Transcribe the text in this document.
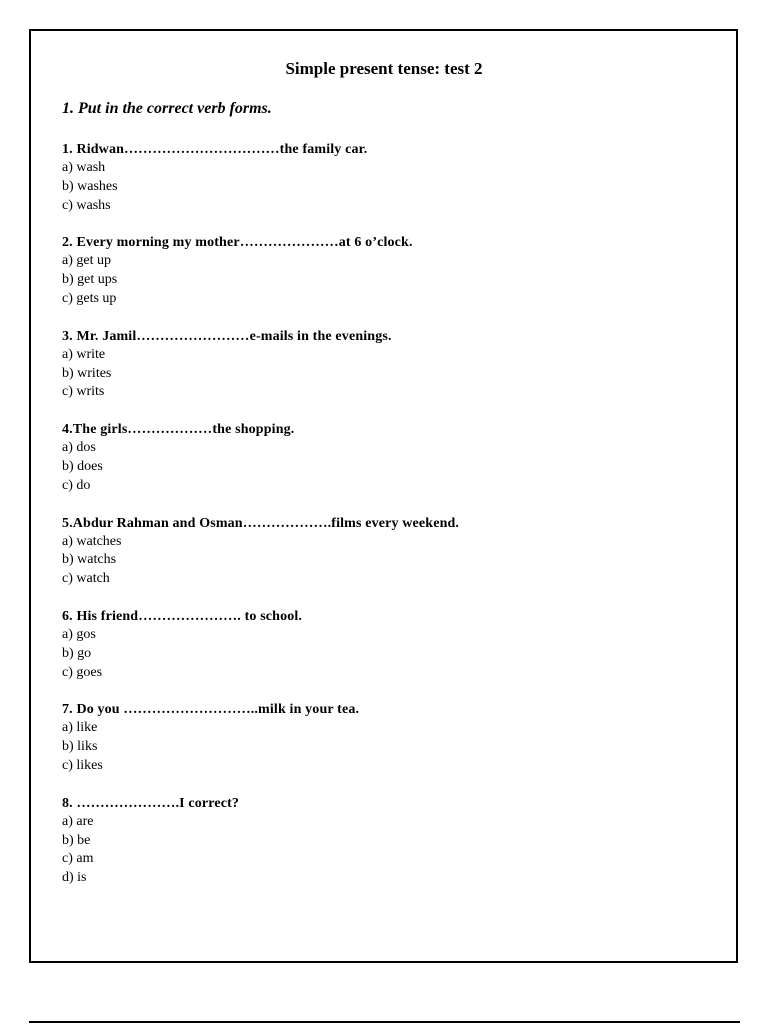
Simple present tense: test 2
1. Put in the correct verb forms.
1. Ridwan……………………………the family car.
a) wash
b) washes
c) washs
2. Every morning my mother…………………at 6 o’clock.
a) get up
b) get ups
c) gets up
3. Mr. Jamil……………………e-mails in the evenings.
a) write
b) writes
c) writs
4.The girls………………the shopping.
a) dos
b) does
c) do
5.Abdur Rahman and Osman……………….films every weekend.
a) watches
b) watchs
c) watch
6. His friend…………………. to school.
a) gos
b) go
c) goes
7. Do you ………………………..milk in your tea.
a) like
b) liks
c) likes
8. ………………….I correct?
a) are
b) be
c) am
d) is
